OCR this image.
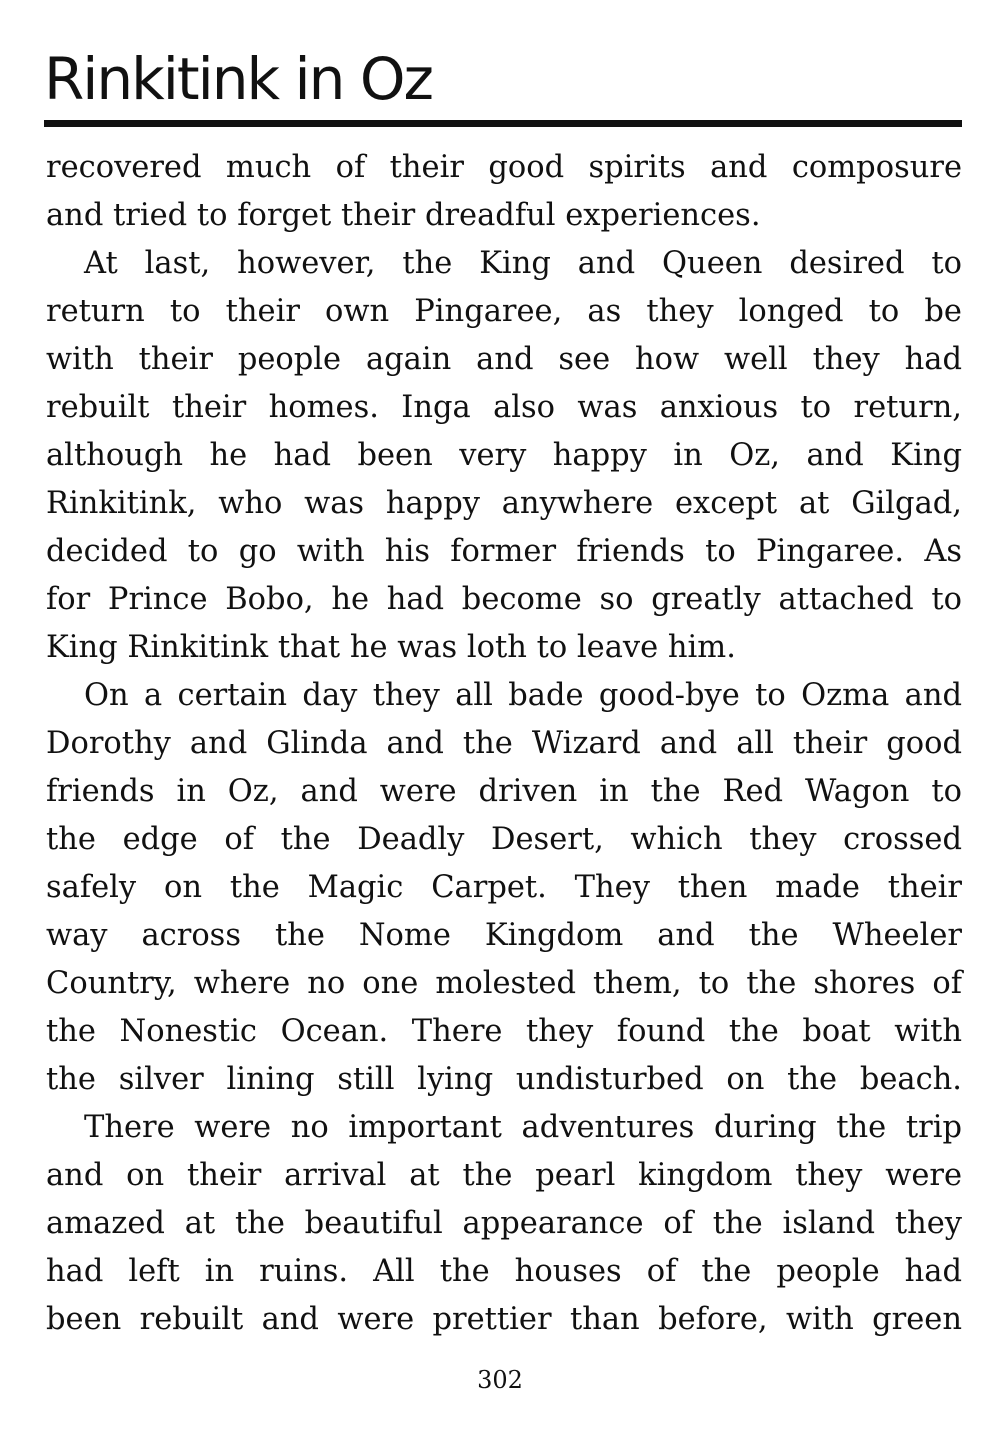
Rinkitink in Oz
recovered much of their good spirits and composure
and tried to forget their dreadful experiences.
At last, however, the King and Queen desired to
return to their own Pingaree, as they longed to be
with their people again and see how well they had
rebuilt their homes. Inga also was anxious to return,
although he had been very happy in Oz, and King
Rinkitink, who was happy anywhere except at Gilgad,
decided to go with his former friends to Pingaree. As
for Prince Bobo, he had become so greatly attached to
King Rinkitink that he was loth to leave him.
On a certain day they all bade good-bye to Ozma and
Dorothy and Glinda and the Wizard and all their good
friends in Oz, and were driven in the Red Wagon to
the edge of the Deadly Desert, which they crossed
safely on the Magic Carpet. They then made their
way across the Nome Kingdom and the Wheeler
Country, where no one molested them, to the shores of
the Nonestic Ocean. There they found the boat with
the silver lining still lying undisturbed on the beach.
There were no important adventures during the trip
and on their arrival at the pearl kingdom they were
amazed at the beautiful appearance of the island they
had left in ruins. All the houses of the people had
been rebuilt and were prettier than before, with green
302
